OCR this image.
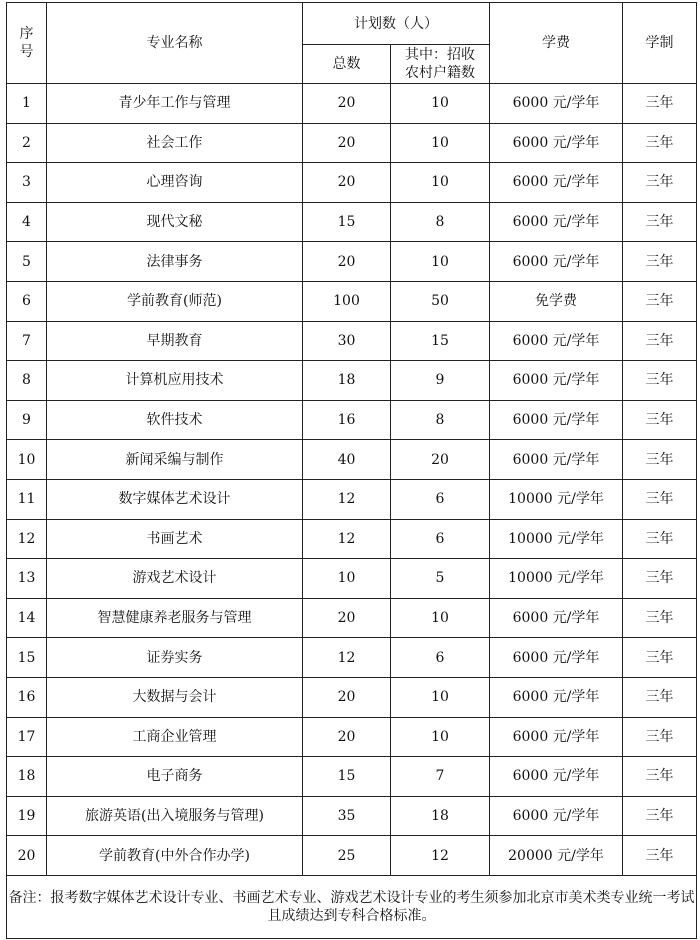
序号	专业名称	计划数（人）		学费	学制
		总数	其中：招收农村户籍数		
1	青少年工作与管理	20	10	6000 元/学年	三年
2	社会工作	20	10	6000 元/学年	三年
3	心理咨询	20	10	6000 元/学年	三年
4	现代文秘	15	8	6000 元/学年	三年
5	法律事务	20	10	6000 元/学年	三年
6	学前教育(师范)	100	50	免学费	三年
7	早期教育	30	15	6000 元/学年	三年
8	计算机应用技术	18	9	6000 元/学年	三年
9	软件技术	16	8	6000 元/学年	三年
10	新闻采编与制作	40	20	6000 元/学年	三年
11	数字媒体艺术设计	12	6	10000 元/学年	三年
12	书画艺术	12	6	10000 元/学年	三年
13	游戏艺术设计	10	5	10000 元/学年	三年
14	智慧健康养老服务与管理	20	10	6000 元/学年	三年
15	证券实务	12	6	6000 元/学年	三年
16	大数据与会计	20	10	6000 元/学年	三年
17	工商企业管理	20	10	6000 元/学年	三年
18	电子商务	15	7	6000 元/学年	三年
19	旅游英语(出入境服务与管理)	35	18	6000 元/学年	三年
20	学前教育(中外合作办学)	25	12	20000 元/学年	三年
备注：报考数字媒体艺术设计专业、书画艺术专业、游戏艺术设计专业的考生须参加北京市美术类专业统一考试且成绩达到专科合格标准。					
